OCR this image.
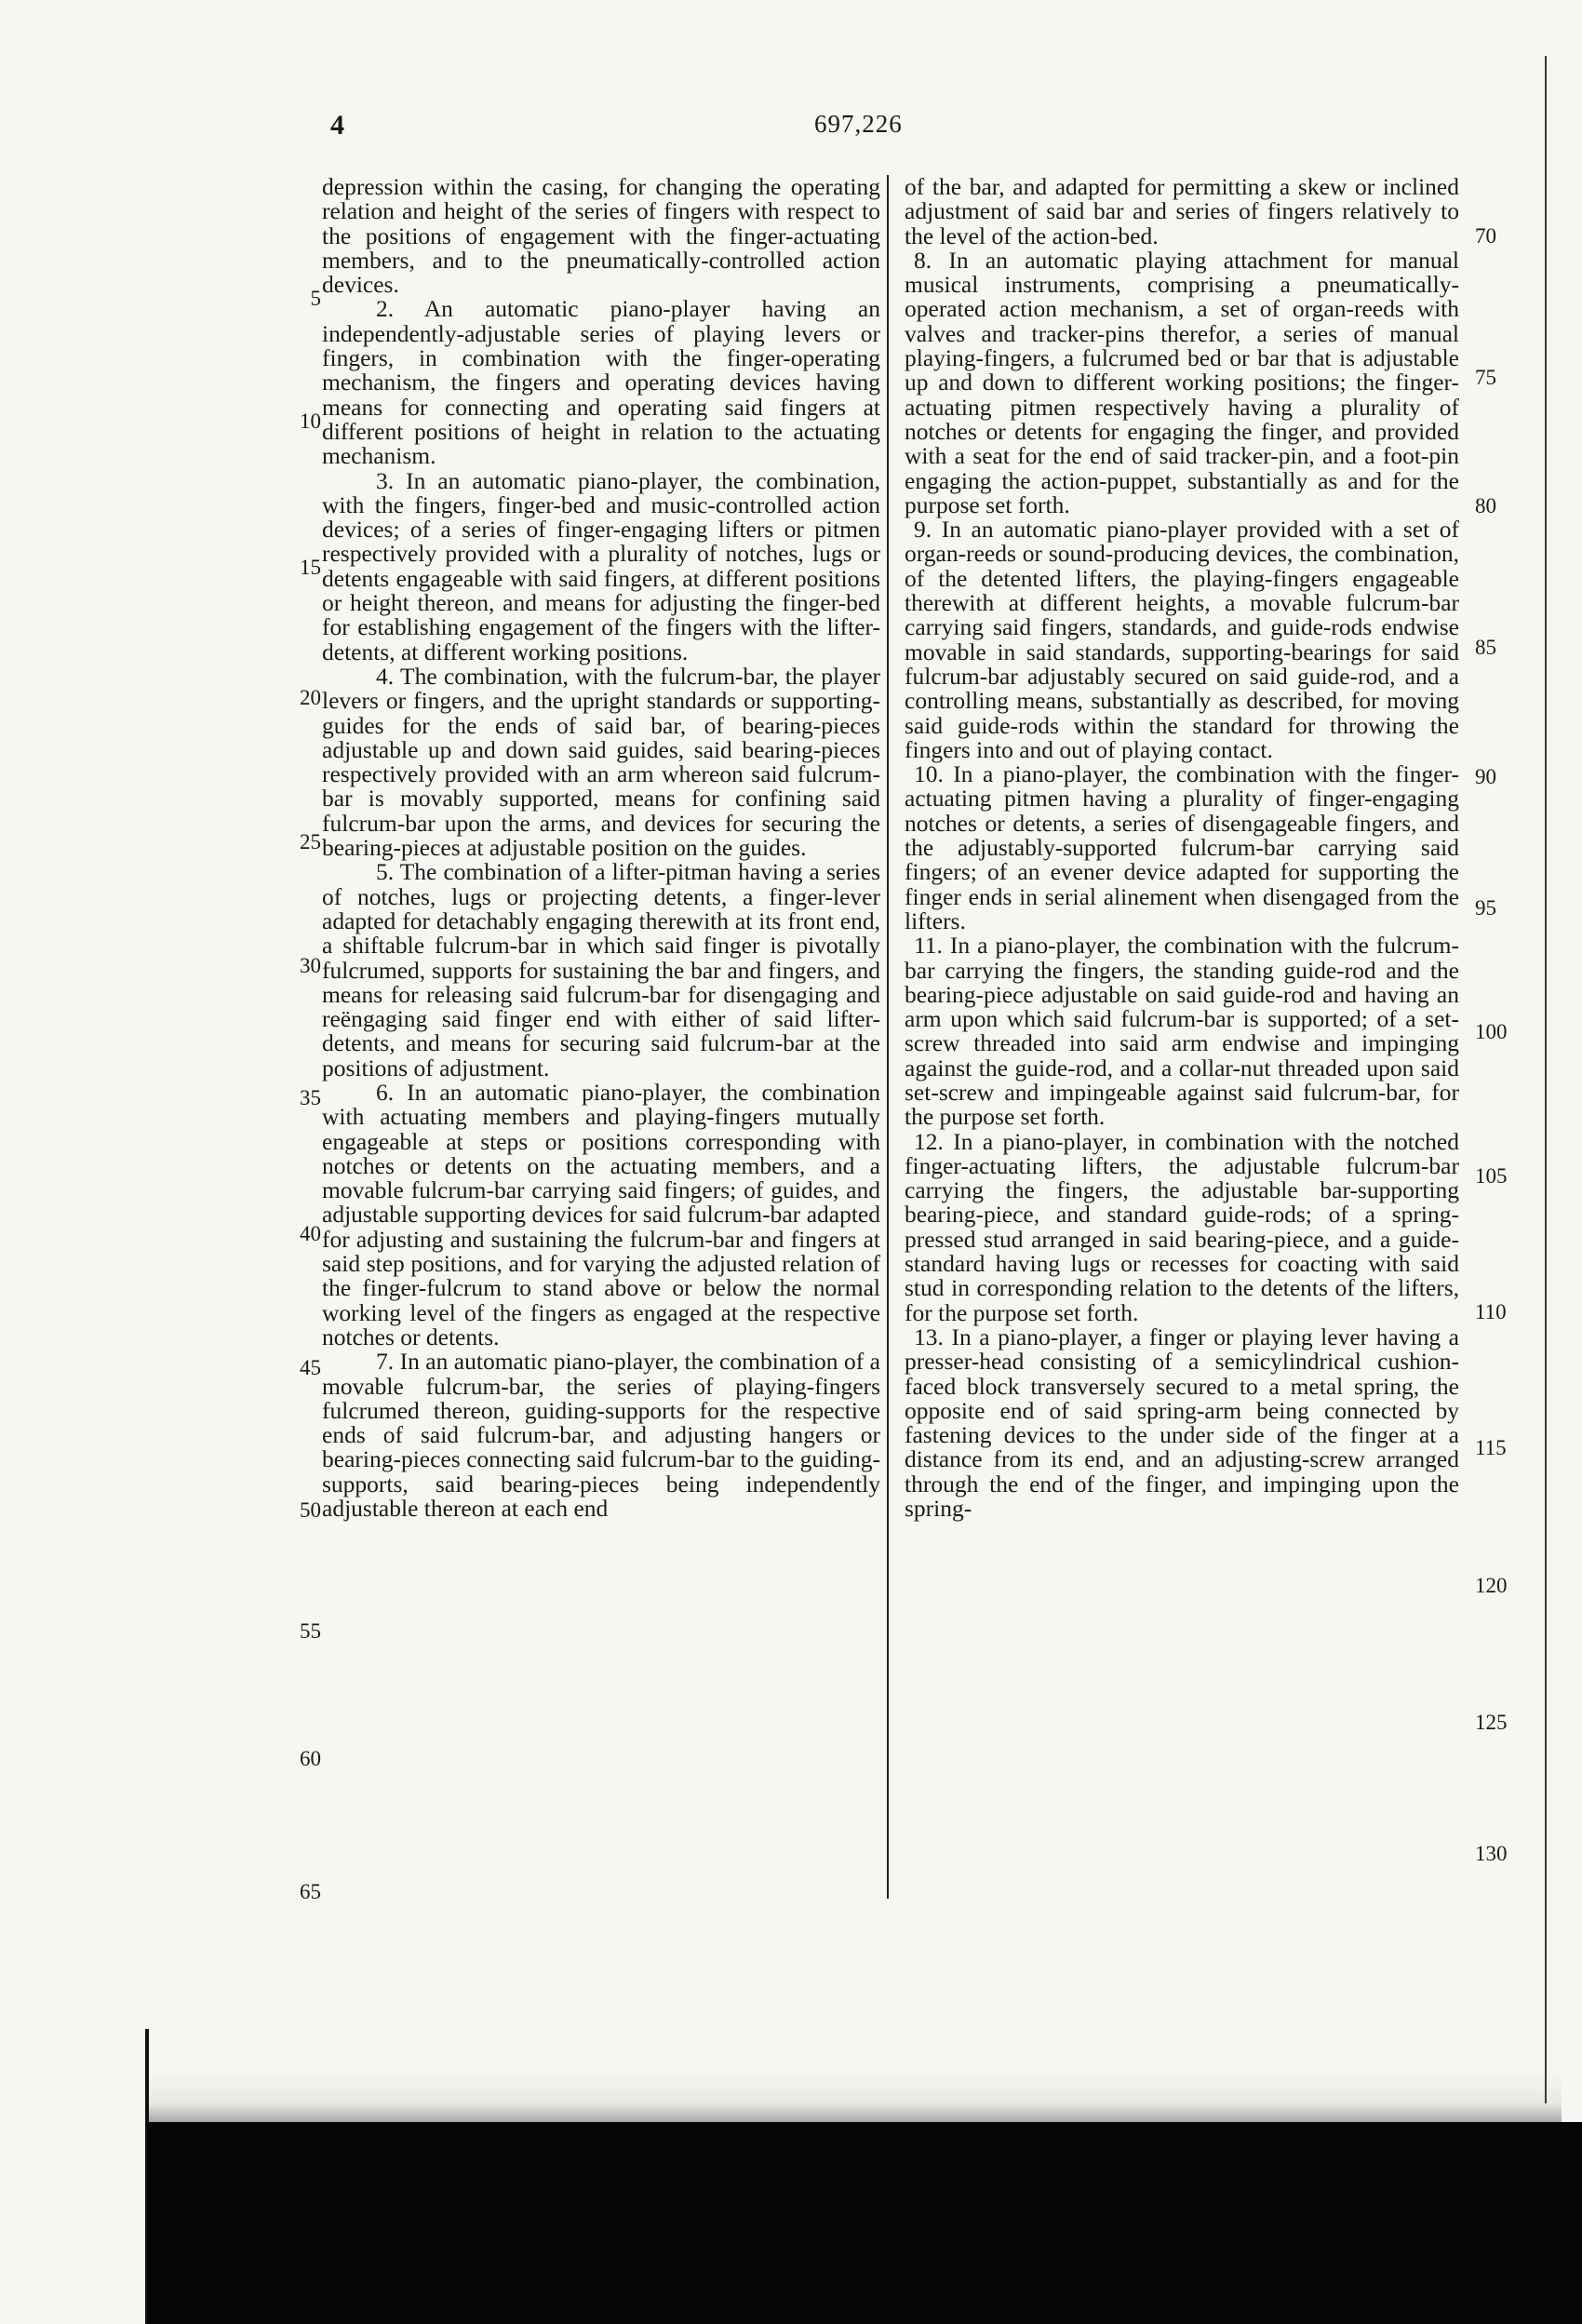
4	697,226

depression within the casing, for changing the operating relation and height of the series of fingers with respect to the positions of engagement with the finger-actuating members, and to the pneumatically-controlled action devices.

2. An automatic piano-player having an independently-adjustable series of playing levers or fingers, in combination with the finger-operating mechanism, the fingers and operating devices having means for connecting and operating said fingers at different positions of height in relation to the actuating mechanism.

3. In an automatic piano-player, the combination, with the fingers, finger-bed and music-controlled action devices; of a series of finger-engaging lifters or pitmen respectively provided with a plurality of notches, lugs or detents engageable with said fingers, at different positions or height thereon, and means for adjusting the finger-bed for establishing engagement of the fingers with the lifter-detents, at different working positions.

4. The combination, with the fulcrum-bar, the player levers or fingers, and the upright standards or supporting-guides for the ends of said bar, of bearing-pieces adjustable up and down said guides, said bearing-pieces respectively provided with an arm whereon said fulcrum-bar is movably supported, means for confining said fulcrum-bar upon the arms, and devices for securing the bearing-pieces at adjustable position on the guides.

5. The combination of a lifter-pitman having a series of notches, lugs or projecting detents, a finger-lever adapted for detachably engaging therewith at its front end, a shiftable fulcrum-bar in which said finger is pivotally fulcrumed, supports for sustaining the bar and fingers, and means for releasing said fulcrum-bar for disengaging and reëngaging said finger end with either of said lifter-detents, and means for securing said fulcrum-bar at the positions of adjustment.

6. In an automatic piano-player, the combination with actuating members and playing-fingers mutually engageable at steps or positions corresponding with notches or detents on the actuating members, and a movable fulcrum-bar carrying said fingers; of guides, and adjustable supporting devices for said fulcrum-bar adapted for adjusting and sustaining the fulcrum-bar and fingers at said step positions, and for varying the adjusted relation of the finger-fulcrum to stand above or below the normal working level of the fingers as engaged at the respective notches or detents.

7. In an automatic piano-player, the combination of a movable fulcrum-bar, the series of playing-fingers fulcrumed thereon, guiding-supports for the respective ends of said fulcrum-bar, and adjusting hangers or bearing-pieces connecting said fulcrum-bar to the guiding-supports, said bearing-pieces being independently adjustable thereon at each end

of the bar, and adapted for permitting a skew or inclined adjustment of said bar and series of fingers relatively to the level of the action-bed.

8. In an automatic playing attachment for manual musical instruments, comprising a pneumatically-operated action mechanism, a set of organ-reeds with valves and tracker-pins therefor, a series of manual playing-fingers, a fulcrumed bed or bar that is adjustable up and down to different working positions; the finger-actuating pitmen respectively having a plurality of notches or detents for engaging the finger, and provided with a seat for the end of said tracker-pin, and a foot-pin engaging the action-puppet, substantially as and for the purpose set forth.

9. In an automatic piano-player provided with a set of organ-reeds or sound-producing devices, the combination, of the detented lifters, the playing-fingers engageable therewith at different heights, a movable fulcrum-bar carrying said fingers, standards, and guide-rods endwise movable in said standards, supporting-bearings for said fulcrum-bar adjustably secured on said guide-rod, and a controlling means, substantially as described, for moving said guide-rods within the standard for throwing the fingers into and out of playing contact.

10. In a piano-player, the combination with the finger-actuating pitmen having a plurality of finger-engaging notches or detents, a series of disengageable fingers, and the adjustably-supported fulcrum-bar carrying said fingers; of an evener device adapted for supporting the finger ends in serial alinement when disengaged from the lifters.

11. In a piano-player, the combination with the fulcrum-bar carrying the fingers, the standing guide-rod and the bearing-piece adjustable on said guide-rod and having an arm upon which said fulcrum-bar is supported; of a set-screw threaded into said arm endwise and impinging against the guide-rod, and a collar-nut threaded upon said set-screw and impingeable against said fulcrum-bar, for the purpose set forth.

12. In a piano-player, in combination with the notched finger-actuating lifters, the adjustable fulcrum-bar carrying the fingers, the adjustable bar-supporting bearing-piece, and standard guide-rods; of a spring-pressed stud arranged in said bearing-piece, and a guide-standard having lugs or recesses for coacting with said stud in corresponding relation to the detents of the lifters, for the purpose set forth.

13. In a piano-player, a finger or playing lever having a presser-head consisting of a semicylindrical cushion-faced block transversely secured to a metal spring, the opposite end of said spring-arm being connected by fastening devices to the under side of the finger at a distance from its end, and an adjusting-screw arranged through the end of the finger, and impinging upon the spring-

5
10
15
20
25
30
35
40
45
50
55
60
65
70
75
80
85
90
95
100
105
110
115
120
125
130
